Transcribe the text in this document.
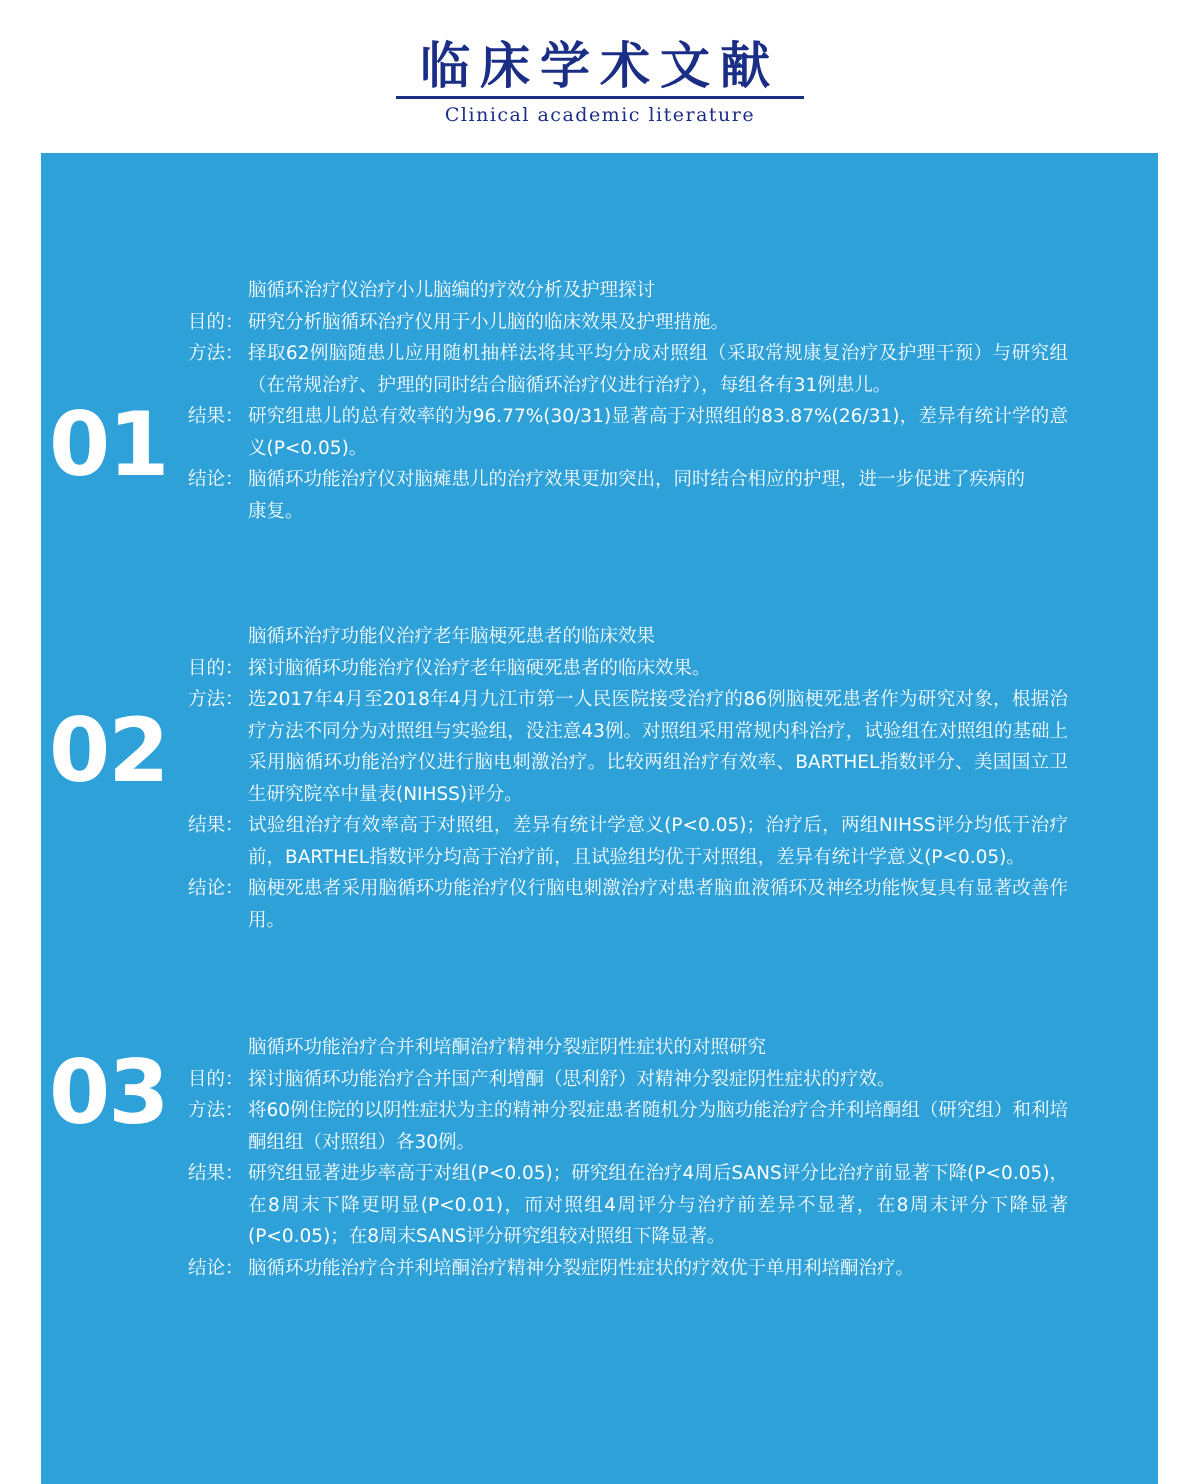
临床学术文献
Clinical academic literature
01
脑循环治疗仪治疗小儿脑编的疗效分析及护理探讨
目的： 研究分析脑循环治疗仪用于小儿脑的临床效果及护理措施。
方法： 择取62例脑随患儿应用随机抽样法将其平均分成对照组（采取常规康复治疗及护理干预）与研究组（在常规治疗、护理的同时结合脑循环治疗仪进行治疗），每组各有31例患儿。
结果： 研究组患儿的总有效率的为96.77%(30/31)显著高于对照组的83.87%(26/31)，差异有统计学的意义(P<0.05)。
结论： 脑循环功能治疗仪对脑瘫患儿的治疗效果更加突出，同时结合相应的护理，进一步促进了疾病的
康复。
02
脑循环治疗功能仪治疗老年脑梗死患者的临床效果
目的： 探讨脑循环功能治疗仪治疗老年脑硬死患者的临床效果。
方法： 选2017年4月至2018年4月九江市第一人民医院接受治疗的86例脑梗死患者作为研究对象，根据治疗方法不同分为对照组与实验组，没注意43例。对照组采用常规内科治疗，试验组在对照组的基础上采用脑循环功能治疗仪进行脑电刺激治疗。比较两组治疗有效率、BARTHEL指数评分、美国国立卫生研究院卒中量表(NIHSS)评分。
结果： 试验组治疗有效率高于对照组，差异有统计学意义(P<0.05)；治疗后，两组NIHSS评分均低于治疗前，BARTHEL指数评分均高于治疗前，且试验组均优于对照组，差异有统计学意义(P<0.05)。
结论： 脑梗死患者采用脑循环功能治疗仪行脑电刺激治疗对患者脑血液循环及神经功能恢复具有显著改善作用。
03	脑循环功能治疗合并利培酮治疗精神分裂症阴性症状的对照研究
目的： 探讨脑循环功能治疗合并国产利增酮（思利舒）对精神分裂症阴性症状的疗效。
方法： 将60例住院的以阴性症状为主的精神分裂症患者随机分为脑功能治疗合并利培酮组（研究组）和利培酮组组（对照组）各30例。
结果： 研究组显著进步率高于对组(P<0.05)；研究组在治疗4周后SANS评分比治疗前显著下降(P<0.05)，在8周末下降更明显(P<0.01)，而对照组4周评分与治疗前差异不显著，在8周末评分下降显著(P<0.05)；在8周末SANS评分研究组较对照组下降显著。
结论： 脑循环功能治疗合并利培酮治疗精神分裂症阴性症状的疗效优于单用利培酮治疗。
